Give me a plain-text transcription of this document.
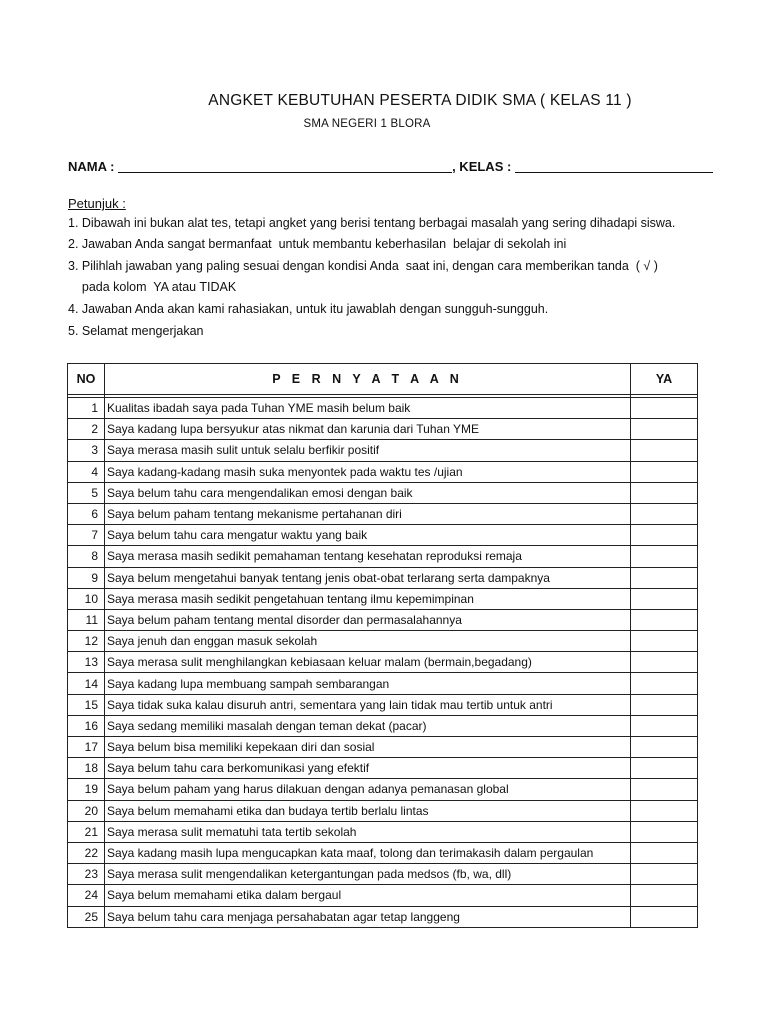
ANGKET KEBUTUHAN PESERTA DIDIK SMA ( KELAS 11 )
SMA NEGERI 1 BLORA
NAMA :	, KELAS :
Petunjuk :
1. Dibawah ini bukan alat tes, tetapi angket yang berisi tentang berbagai masalah yang sering dihadapi siswa.
2. Jawaban Anda sangat bermanfaat  untuk membantu keberhasilan  belajar di sekolah ini
3. Pilihlah jawaban yang paling sesuai dengan kondisi Anda  saat ini, dengan cara memberikan tanda  ( √ )
pada kolom  YA atau TIDAK
4. Jawaban Anda akan kami rahasiakan, untuk itu jawablah dengan sungguh-sungguh.
5. Selamat mengerjakan
NO	P E R N Y A T A A N	YA

1	Kualitas ibadah saya pada Tuhan YME masih belum baik	
2	Saya kadang lupa bersyukur atas nikmat dan karunia dari Tuhan YME	
3	Saya merasa masih sulit untuk selalu berfikir positif	
4	Saya kadang-kadang masih suka menyontek pada waktu tes /ujian	
5	Saya belum tahu cara mengendalikan emosi dengan baik	
6	Saya belum paham tentang mekanisme pertahanan diri	
7	Saya belum tahu cara mengatur waktu yang baik	
8	Saya merasa masih sedikit pemahaman tentang kesehatan reproduksi remaja	
9	Saya belum mengetahui banyak tentang jenis obat-obat terlarang serta dampaknya	
10	Saya merasa masih sedikit pengetahuan tentang ilmu kepemimpinan	
11	Saya belum paham tentang mental disorder dan permasalahannya	
12	Saya jenuh dan enggan masuk sekolah	
13	Saya merasa sulit menghilangkan kebiasaan keluar malam (bermain,begadang)	
14	Saya kadang lupa membuang sampah sembarangan	
15	Saya tidak suka kalau disuruh antri, sementara yang lain tidak mau tertib untuk antri	
16	Saya sedang memiliki masalah dengan teman dekat (pacar)	
17	Saya belum bisa memiliki kepekaan diri dan sosial	
18	Saya belum tahu cara berkomunikasi yang efektif	
19	Saya belum paham yang harus dilakuan dengan adanya pemanasan global	
20	Saya belum memahami etika dan budaya tertib berlalu lintas	
21	Saya merasa sulit mematuhi tata tertib sekolah	
22	Saya kadang masih lupa mengucapkan kata maaf, tolong dan terimakasih dalam pergaulan	
23	Saya merasa sulit mengendalikan ketergantungan pada medsos (fb, wa, dll)	
24	Saya belum memahami etika dalam bergaul	
25	Saya belum tahu cara menjaga persahabatan agar tetap langgeng	
